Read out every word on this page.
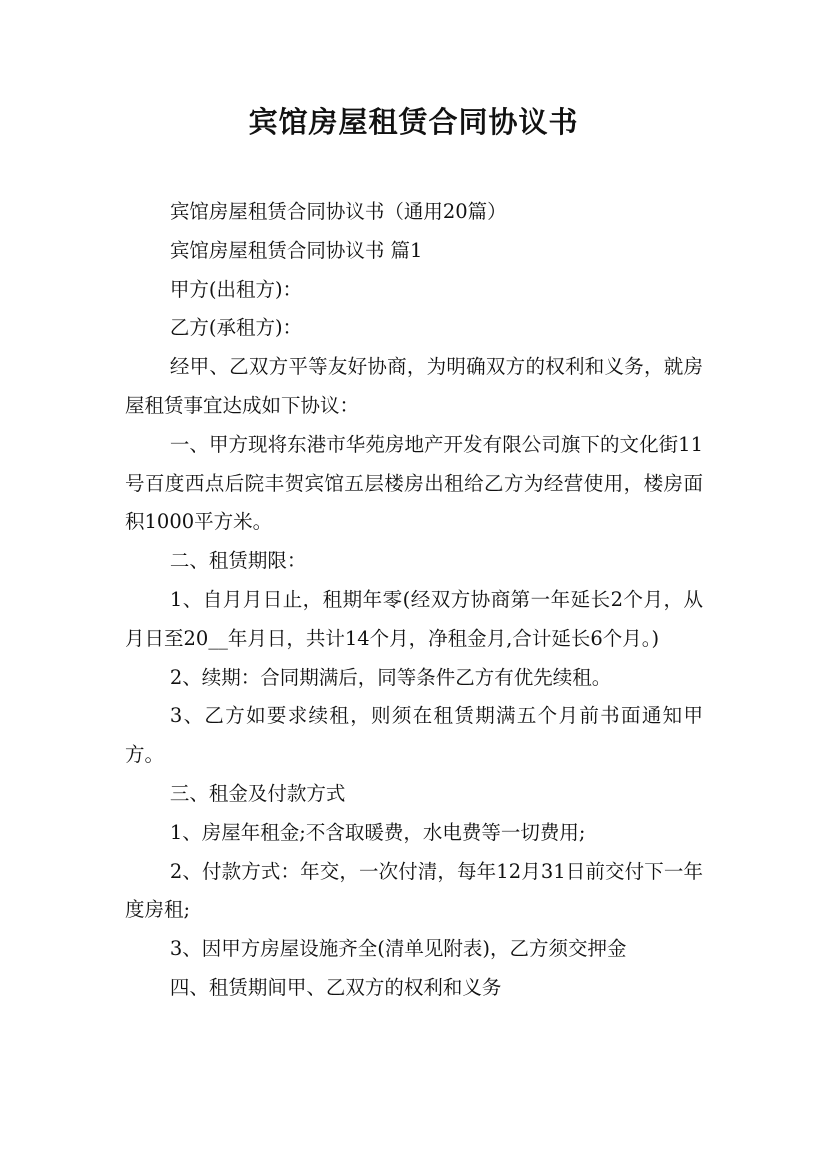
宾馆房屋租赁合同协议书

宾馆房屋租赁合同协议书（通用20篇）

宾馆房屋租赁合同协议书 篇1

甲方(出租方)：

乙方(承租方)：

经甲、乙双方平等友好协商，为明确双方的权利和义务，就房屋租赁事宜达成如下协议：

一、甲方现将东港市华苑房地产开发有限公司旗下的文化街11号百度西点后院丰贺宾馆五层楼房出租给乙方为经营使用，楼房面积1000平方米。

二、租赁期限：

1、自月月日止，租期年零(经双方协商第一年延长2个月，从月日至20__年月日，共计14个月，净租金月,合计延长6个月。)

2、续期：合同期满后，同等条件乙方有优先续租。

3、乙方如要求续租，则须在租赁期满五个月前书面通知甲方。

三、租金及付款方式

1、房屋年租金;不含取暖费，水电费等一切费用;

2、付款方式：年交，一次付清，每年12月31日前交付下一年度房租;

3、因甲方房屋设施齐全(清单见附表)，乙方须交押金

四、租赁期间甲、乙双方的权利和义务
